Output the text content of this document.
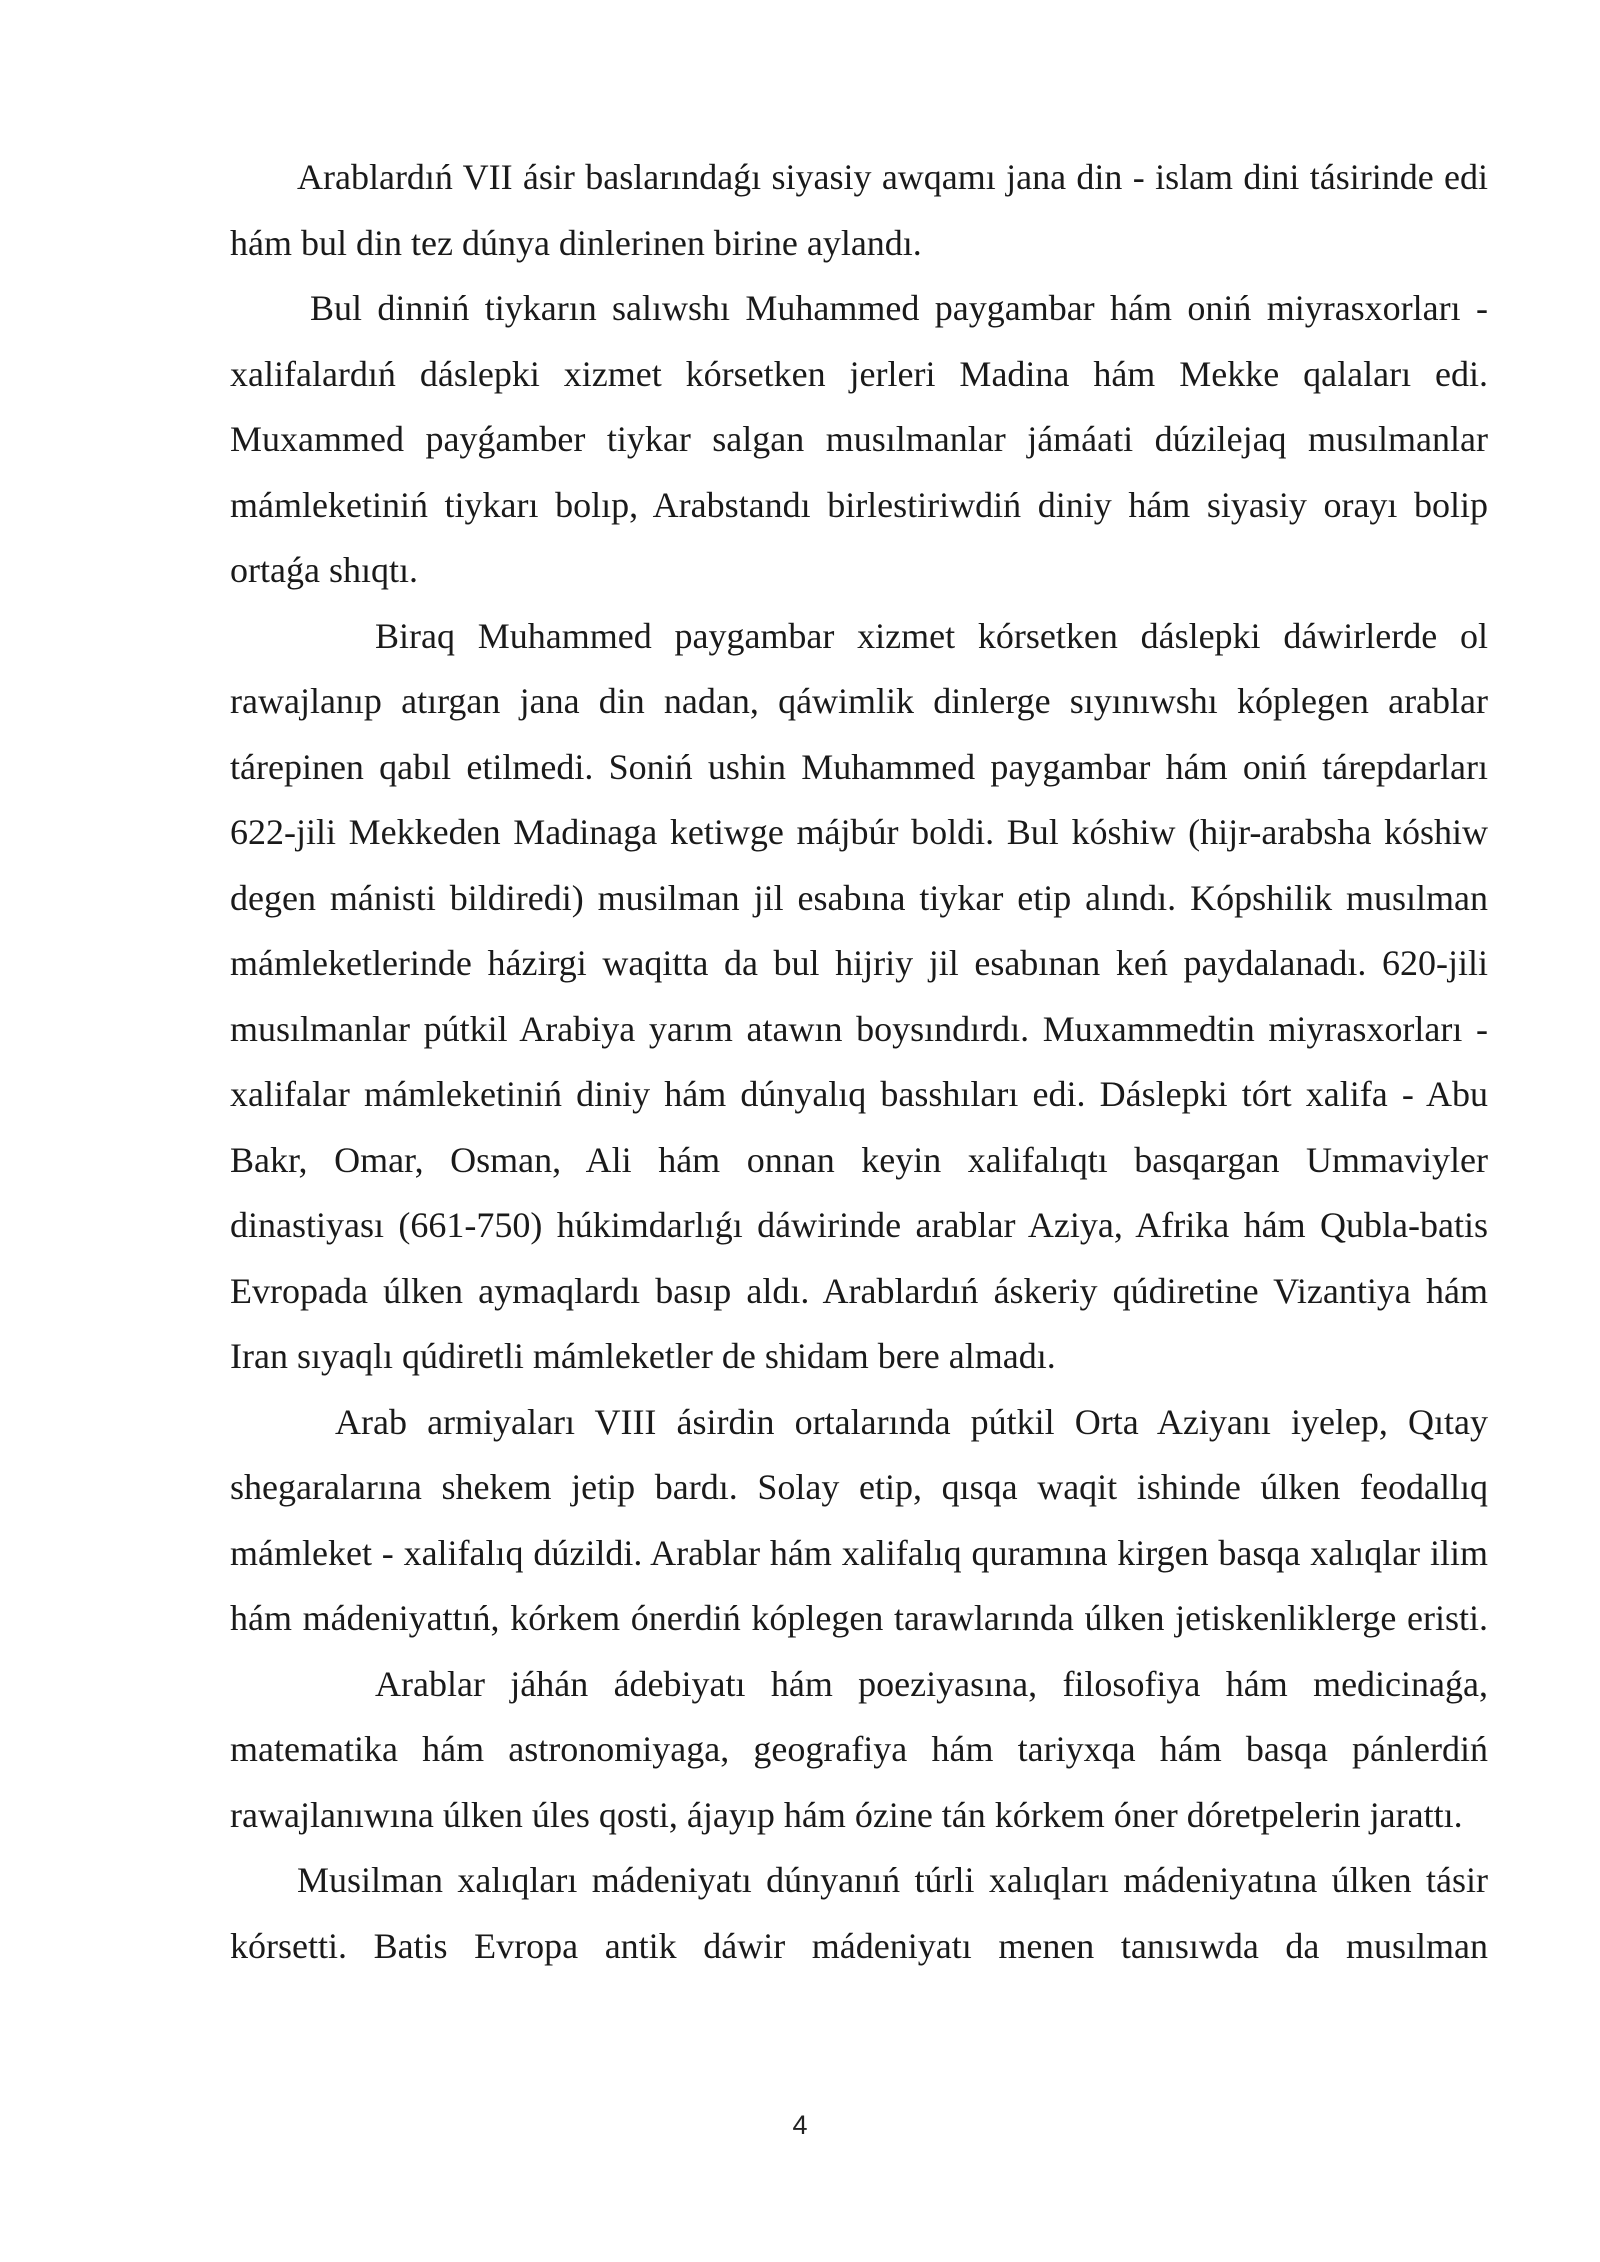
Arablardıń VII ásir baslarındaǵı siyasiy awqamı jana din - islam dini tásirinde edi hám bul din tez dúnya dinlerinen birine aylandı.

Bul dinniń tiykarın salıwshı Muhammed paygambar hám oniń miyrasxorları - xalifalardıń dáslepki xizmet kórsetken jerleri Madina hám Mekke qalaları edi. Muxammed payǵamber tiykar salgan musılmanlar jámáati dúzilejaq musılmanlar mámleketiniń tiykarı bolıp, Arabstandı birlestiriwdiń diniy hám siyasiy orayı bolip ortaǵa shıqtı.

Biraq Muhammed paygambar xizmet kórsetken dáslepki dáwirlerde ol rawajlanıp atırgan jana din nadan, qáwimlik dinlerge sıyınıwshı kóplegen arablar tárepinen qabıl etilmedi. Soniń ushin Muhammed paygambar hám oniń tárepdarları 622-jili Mekkeden Madinaga ketiwge májbúr boldi. Bul kóshiw (hijr-arabsha kóshiw degen mánisti bildiredi) musilman jil esabına tiykar etip alındı. Kópshilik musılman mámleketlerinde házirgi waqitta da bul hijriy jil esabınan keń paydalanadı. 620-jili musılmanlar pútkil Arabiya yarım atawın boysındırdı. Muxammedtin miyrasxorları -xalifalar mámleketiniń diniy hám dúnyalıq basshıları edi. Dáslepki tórt xalifa - Abu Bakr, Omar, Osman, Ali hám onnan keyin xalifalıqtı basqargan Ummaviyler dinastiyası (661-750) húkimdarlıǵı dáwirinde arablar Aziya, Afrika hám Qubla-batis Evropada úlken aymaqlardı basıp aldı. Arablardıń áskeriy qúdiretine Vizantiya hám Iran sıyaqlı qúdiretli mámleketler de shidam bere almadı.

Arab armiyaları VIII ásirdin ortalarında pútkil Orta Aziyanı iyelep, Qıtay shegaralarına shekem jetip bardı. Solay etip, qısqa waqit ishinde úlken feodallıq mámleket - xalifalıq dúzildi. Arablar hám xalifalıq quramına kirgen basqa xalıqlar ilim hám mádeniyattıń, kórkem ónerdiń kóplegen tarawlarında úlken jetiskenliklerge eristi.

Arablar jáhán ádebiyatı hám poeziyasına, filosofiya hám medicinaǵa, matematika hám astronomiyaga, geografiya hám tariyxqa hám basqa pánlerdiń rawajlanıwına úlken úles qosti, ájayıp hám ózine tán kórkem óner dóretpelerin jarattı.

Musilman xalıqları mádeniyatı dúnyanıń túrli xalıqları mádeniyatına úlken tásir kórsetti. Batis Evropa antik dáwir mádeniyatı menen tanısıwda da musılman

4
